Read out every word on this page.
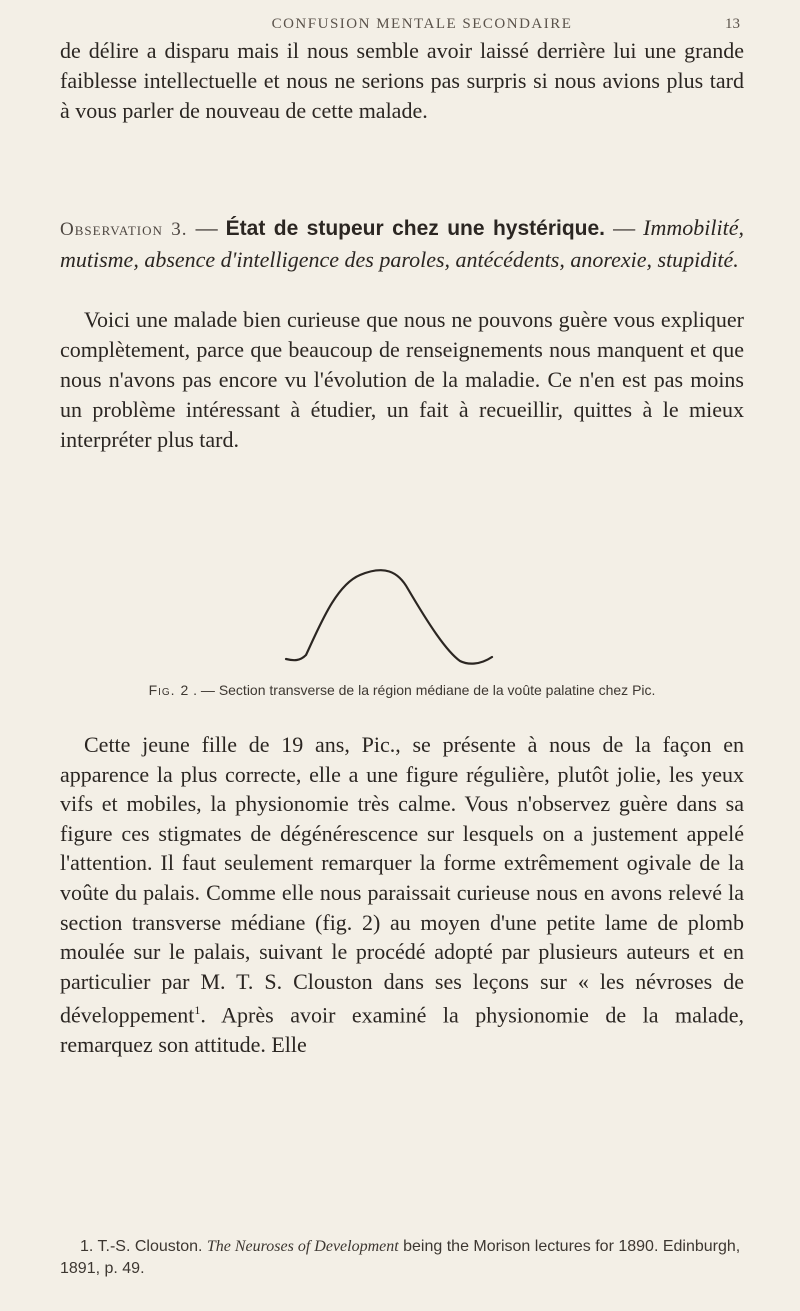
CONFUSION MENTALE SECONDAIRE	13

de délire a disparu mais il nous semble avoir laissé derrière lui une grande faiblesse intellectuelle et nous ne serions pas surpris si nous avions plus tard à vous parler de nouveau de cette malade.

Observation 3. — État de stupeur chez une hystérique. — Immobilité, mutisme, absence d'intelligence des paroles, antécédents, anorexie, stupidité.

Voici une malade bien curieuse que nous ne pouvons guère vous expliquer complètement, parce que beaucoup de renseignements nous manquent et que nous n'avons pas encore vu l'évolution de la maladie. Ce n'en est pas moins un problème intéressant à étudier, un fait à recueillir, quittes à le mieux interpréter plus tard.

Fig. 2 . — Section transverse de la région médiane de la voûte palatine chez Pic.

Cette jeune fille de 19 ans, Pic., se présente à nous de la façon en apparence la plus correcte, elle a une figure régulière, plutôt jolie, les yeux vifs et mobiles, la physionomie très calme. Vous n'observez guère dans sa figure ces stigmates de dégénérescence sur lesquels on a justement appelé l'attention. Il faut seulement remarquer la forme extrêmement ogivale de la voûte du palais. Comme elle nous paraissait curieuse nous en avons relevé la section transverse médiane (fig. 2) au moyen d'une petite lame de plomb moulée sur le palais, suivant le procédé adopté par plusieurs auteurs et en particulier par M. T. S. Clouston dans ses leçons sur « les névroses de développement$^1$. Après avoir examiné la physionomie de la malade, remarquez son attitude. Elle

1. T.-S. Clouston. The Neuroses of Development being the Morison lectures for 1890. Edinburgh, 1891, p. 49.
